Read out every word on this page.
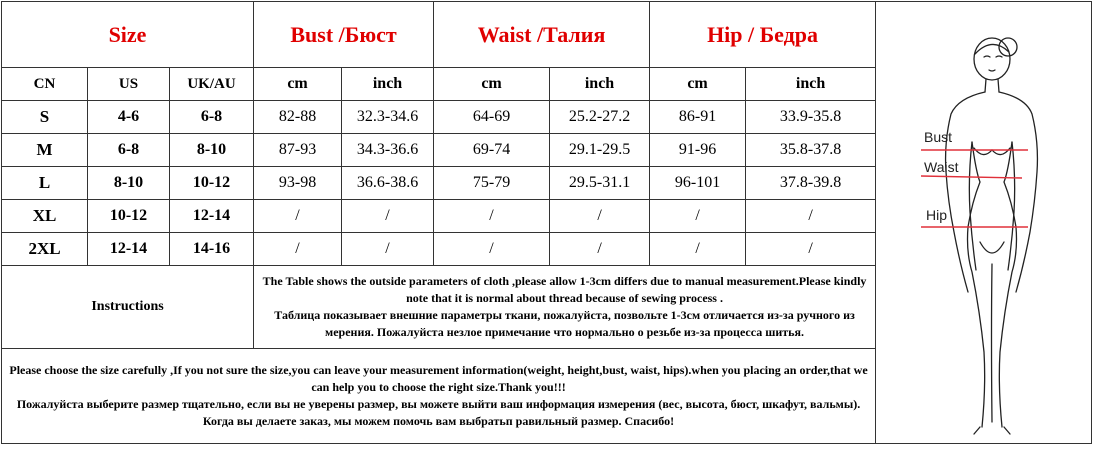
Size			Bust /Бюст		Waist /Талия		Hip / Бедра	
CN	US	UK/AU	cm	inch	cm	inch	cm	inch
S	4-6	6-8	82-88	32.3-34.6	64-69	25.2-27.2	86-91	33.9-35.8
M	6-8	8-10	87-93	34.3-36.6	69-74	29.1-29.5	91-96	35.8-37.8
L	8-10	10-12	93-98	36.6-38.6	75-79	29.5-31.1	96-101	37.8-39.8
XL	10-12	12-14	/	/	/	/	/	/
2XL	12-14	14-16	/	/	/	/	/	/
Instructions			The Table shows the outside parameters of cloth ,please allow 1-3cm differs due to manual measurement.Please kindly note that it is normal about thread because of sewing process .
Таблица показывает внешние параметры ткани, пожалуйста, позвольте 1-3см отличается из-за ручного из мерения. Пожалуйста незлое примечание что нормально о резьбе из-за процесса шитья.					

Please choose the size carefully ,If you not sure the size,you can leave your measurement information(weight, height,bust, waist, hips).when you placing an order,that we can help you to choose the right size.Thank you!!!
Пожалуйста выберите размер тщательно, если вы не уверены размер, вы можете выйти ваш информация измерения (вес, высота, бюст, шкафут, вальмы). Когда вы делаете заказ, мы можем помочь вам выбратьп равильный размер. Спасибо!								
Bust
Waist
Hip
